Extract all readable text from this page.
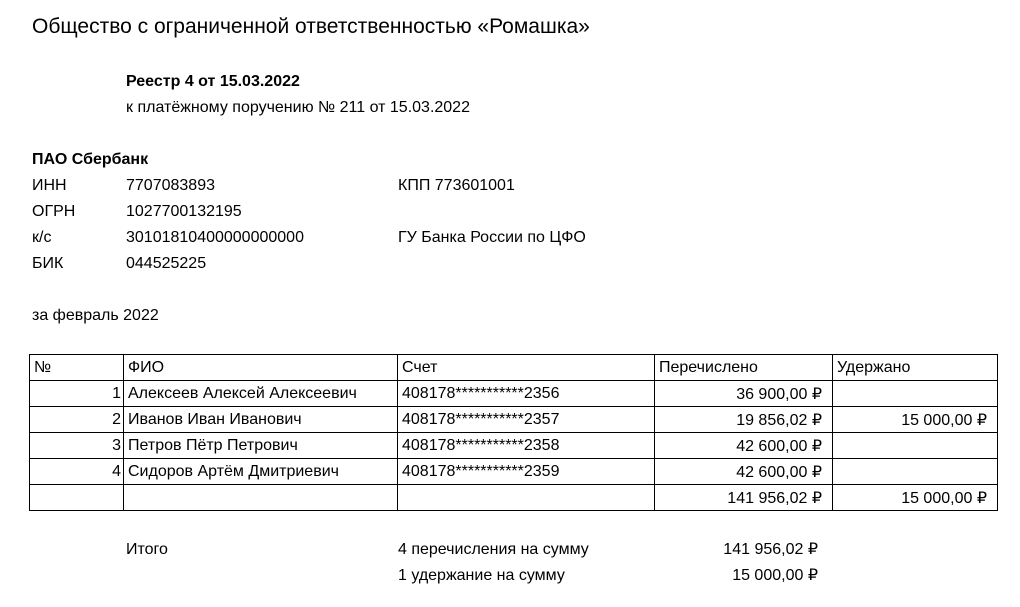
Общество с ограниченной ответственностью «Ромашка»
Реестр 4 от 15.03.2022
к платёжному поручению № 211 от 15.03.2022
ПАО Сбербанк
ИНН	7707083893	КПП 773601001
ОГРН	1027700132195
к/с	30101810400000000000	ГУ Банка России по ЦФО
БИК	044525225
за февраль 2022
№	ФИО	Счет	Перечислено	Удержано
1	Алексеев Алексей Алексеевич	408178***********2356	36 900,00 ₽	
2	Иванов Иван Иванович	408178***********2357	19 856,02 ₽	15 000,00 ₽
3	Петров Пётр Петрович	408178***********2358	42 600,00 ₽	
4	Сидоров Артём Дмитриевич	408178***********2359	42 600,00 ₽	
			141 956,02 ₽	15 000,00 ₽
Итого	4 перечисления на сумму	141 956,02 ₽
1 удержание на сумму	15 000,00 ₽
